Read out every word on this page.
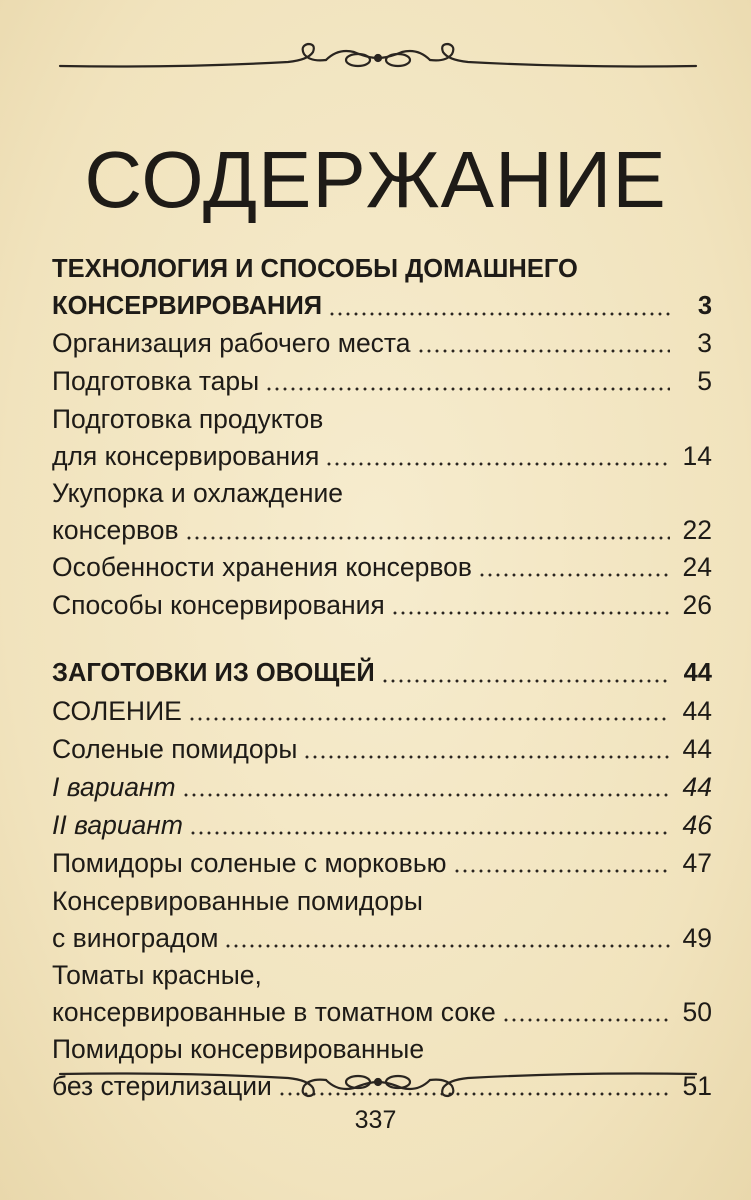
СОДЕРЖАНИЕ
ТЕХНОЛОГИЯ И СПОСОБЫ ДОМАШНЕГО
КОНСЕРВИРОВАНИЯ	3
Организация рабочего места	3
Подготовка тары	5
Подготовка продуктов
для консервирования	14
Укупорка и охлаждение
консервов	22
Особенности хранения консервов	24
Способы консервирования	26
ЗАГОТОВКИ ИЗ ОВОЩЕЙ	44
СОЛЕНИЕ	44
Соленые помидоры	44
I вариант	44
II вариант	46
Помидоры соленые с морковью	47
Консервированные помидоры
с виноградом	49
Томаты красные,
консервированные в томатном соке	50
Помидоры консервированные
без стерилизации	51
337
